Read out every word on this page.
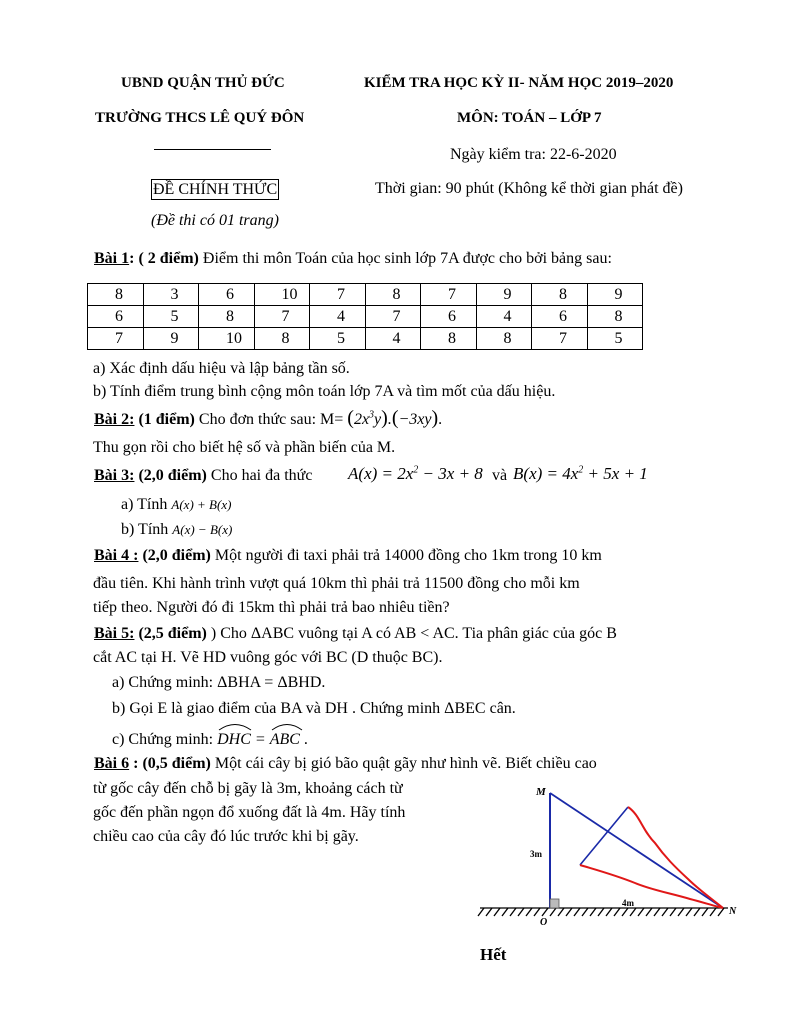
UBND QUẬN THỦ ĐỨC
TRƯỜNG THCS LÊ QUÝ ĐÔN
ĐỀ CHÍNH THỨC
(Đề thi có 01 trang)
KIỂM TRA HỌC KỲ II- NĂM HỌC 2019–2020
MÔN: TOÁN – LỚP 7
Ngày kiểm tra: 22-6-2020
Thời gian: 90 phút (Không kể thời gian phát đề)
Bài 1: ( 2 điểm) Điểm thi môn Toán của học sinh lớp 7A được cho bởi bảng sau:
8	3	6	10	7	8	7	9	8	9
6	5	8	7	4	7	6	4	6	8
7	9	10	8	5	4	8	8	7	5
a) Xác định dấu hiệu và lập bảng tần số.
b) Tính điểm trung bình cộng môn toán lớp 7A và tìm mốt của dấu hiệu.
Bài 2: (1 điểm) Cho đơn thức sau: $M= (2x^3y).(-3xy)$.
Thu gọn rồi cho biết hệ số và phần biến của M.
Bài 3: (2,0 điểm) Cho hai đa thức $A(x) = 2x^2 - 3x + 8$ và $B(x) = 4x^2 + 5x + 1$
a) Tính A(x) + B(x)
b) Tính A(x) − B(x)
Bài 4 : (2,0 điểm) Một người đi taxi phải trả 14000 đồng cho 1km trong 10 km
đầu tiên. Khi hành trình vượt quá 10km thì phải trả 11500 đồng cho mỗi km
tiếp theo. Người đó đi 15km thì phải trả bao nhiêu tiền?
Bài 5: (2,5 điểm) ) Cho ΔABC vuông tại A có AB < AC. Tia phân giác của góc B
cắt AC tại H. Vẽ HD vuông góc với BC (D thuộc BC).
a) Chứng minh: ΔBHA = ΔBHD.
b) Gọi E là giao điểm của BA và DH . Chứng minh ΔBEC cân.
c) Chứng minh: DHC
= ABC .
Bài 6 : (0,5 điểm) Một cái cây bị gió bão quật gãy như hình vẽ. Biết chiều cao
từ gốc cây đến chỗ bị gãy là 3m, khoảng cách từ
gốc đến phần ngọn đổ xuống đất là 4m. Hãy tính
chiều cao của cây đó lúc trước khi bị gãy.
M
O
N
3m
4m
Hết
